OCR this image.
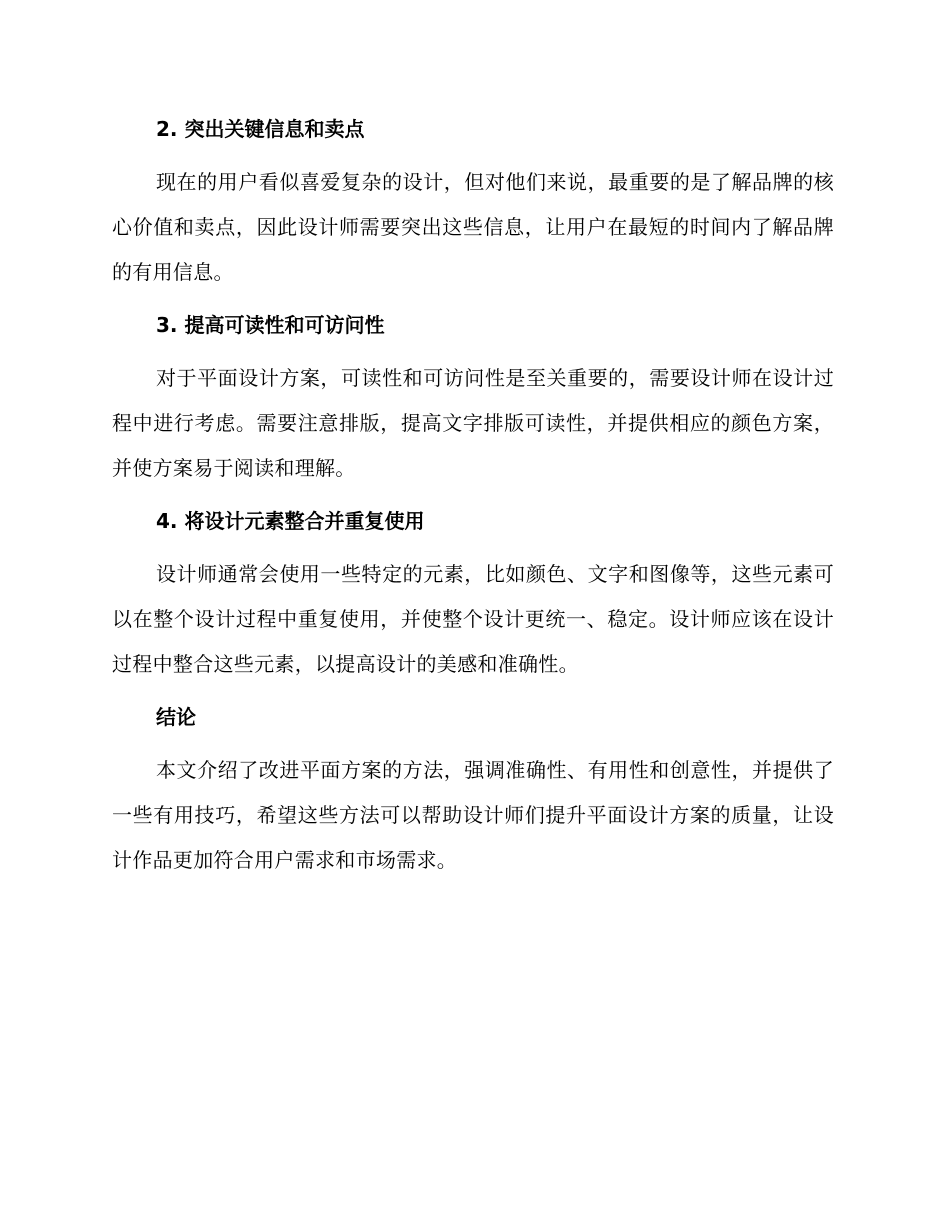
2. 突出关键信息和卖点

现在的用户看似喜爱复杂的设计，但对他们来说，最重要的是了解品牌的核心价值和卖点，因此设计师需要突出这些信息，让用户在最短的时间内了解品牌的有用信息。

3. 提高可读性和可访问性

对于平面设计方案，可读性和可访问性是至关重要的，需要设计师在设计过程中进行考虑。需要注意排版，提高文字排版可读性，并提供相应的颜色方案，并使方案易于阅读和理解。

4. 将设计元素整合并重复使用

设计师通常会使用一些特定的元素，比如颜色、文字和图像等，这些元素可以在整个设计过程中重复使用，并使整个设计更统一、稳定。设计师应该在设计过程中整合这些元素，以提高设计的美感和准确性。

结论

本文介绍了改进平面方案的方法，强调准确性、有用性和创意性，并提供了一些有用技巧，希望这些方法可以帮助设计师们提升平面设计方案的质量，让设计作品更加符合用户需求和市场需求。
